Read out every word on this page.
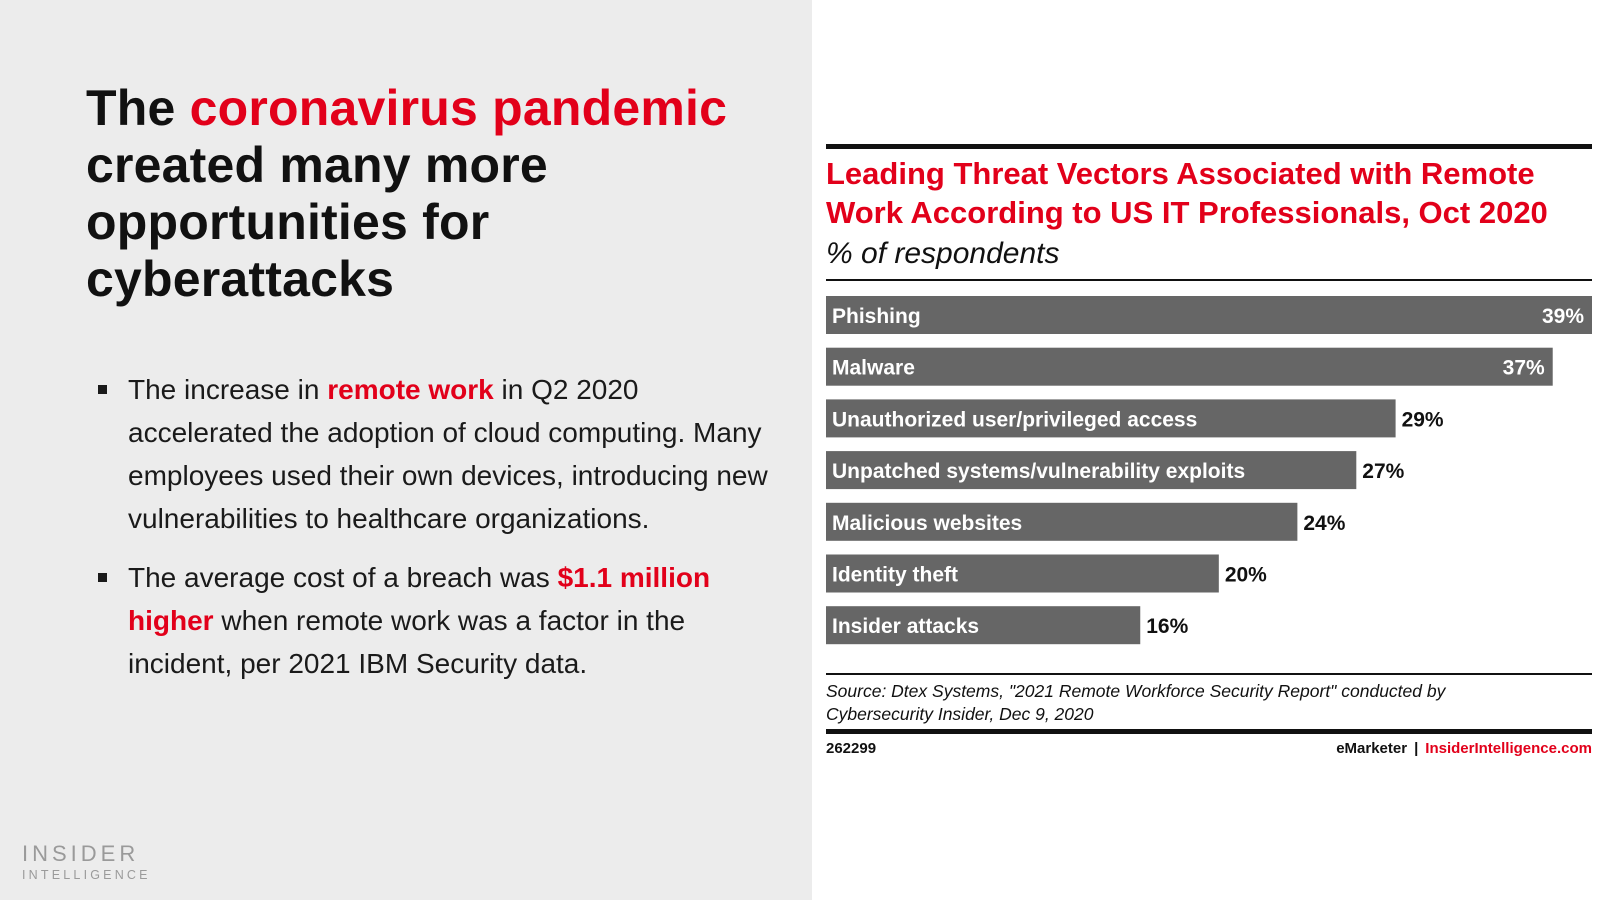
The coronavirus pandemic created many more opportunities for cyberattacks
The increase in remote work in Q2 2020 accelerated the adoption of cloud computing. Many employees used their own devices, introducing new vulnerabilities to healthcare organizations.
The average cost of a breach was $1.1 million higher when remote work was a factor in the incident, per 2021 IBM Security data.
INSIDER
INTELLIGENCE
Leading Threat Vectors Associated with Remote Work According to US IT Professionals, Oct 2020
% of respondents
Phishing	39%
Malware	37%
Unauthorized user/privileged access	29%
Unpatched systems/vulnerability exploits	27%
Malicious websites	24%
Identity theft	20%
Insider attacks	16%
Source: Dtex Systems, "2021 Remote Workforce Security Report" conducted by Cybersecurity Insider, Dec 9, 2020
262299	eMarketer | InsiderIntelligence.com
